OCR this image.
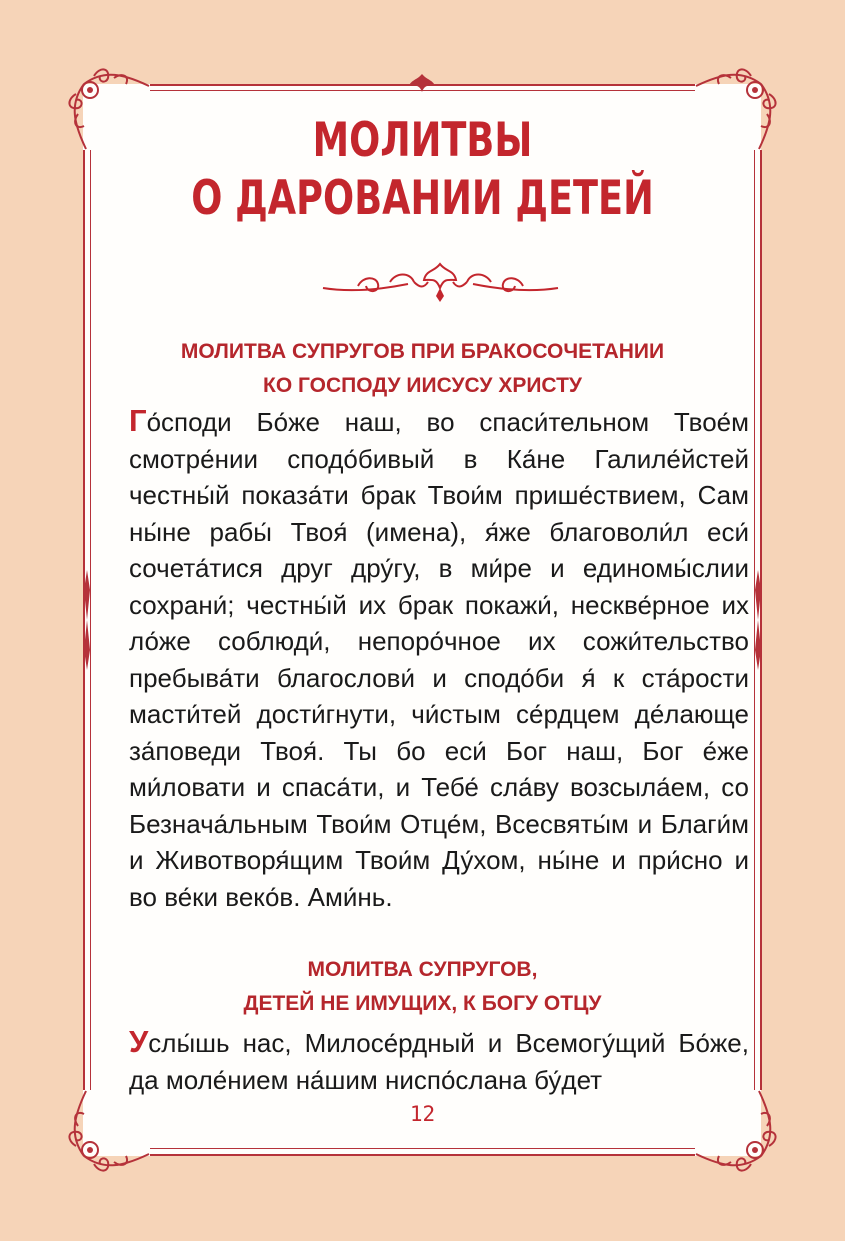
МОЛИТВЫ
О ДАРОВАНИИ ДЕТЕЙ
МОЛИТВА СУПРУГОВ ПРИ БРАКОСОЧЕТАНИИ
КО ГОСПОДУ ИИСУСУ ХРИСТУ

Го́споди Бо́же наш, во спаси́тельном Твое́м смотре́нии сподо́бивый в Ка́не Галиле́йстей честны́й показа́ти брак Твои́м прише́ствием, Сам ны́не рабы́ Твоя́ (имена), я́же благоволи́л еси́ сочета́тися друг дру́гу, в ми́ре и единомы́слии сохрани́; честны́й их брак покажи́, нескве́рное их ло́же соблюди́, непоро́чное их сожи́тельство пребыва́ти благослови́ и сподо́би я́ к ста́рости масти́тей дости́гнути, чи́стым се́рдцем де́лающе за́поведи Твоя́. Ты бо еси́ Бог наш, Бог е́же ми́ловати и спаса́ти, и Тебе́ сла́ву возсыла́ем, со Безнача́льным Твои́м Отце́м, Всесвяты́м и Благи́м и Животворя́щим Твои́м Ду́хом, ны́не и при́сно и во ве́ки веко́в. Ами́нь.

МОЛИТВА СУПРУГОВ,
ДЕТЕЙ НЕ ИМУЩИХ, К БОГУ ОТЦУ

Услы́шь нас, Милосе́рдный и Всемогу́щий Бо́же, да моле́нием на́шим ниспо́слана бу́дет

12
